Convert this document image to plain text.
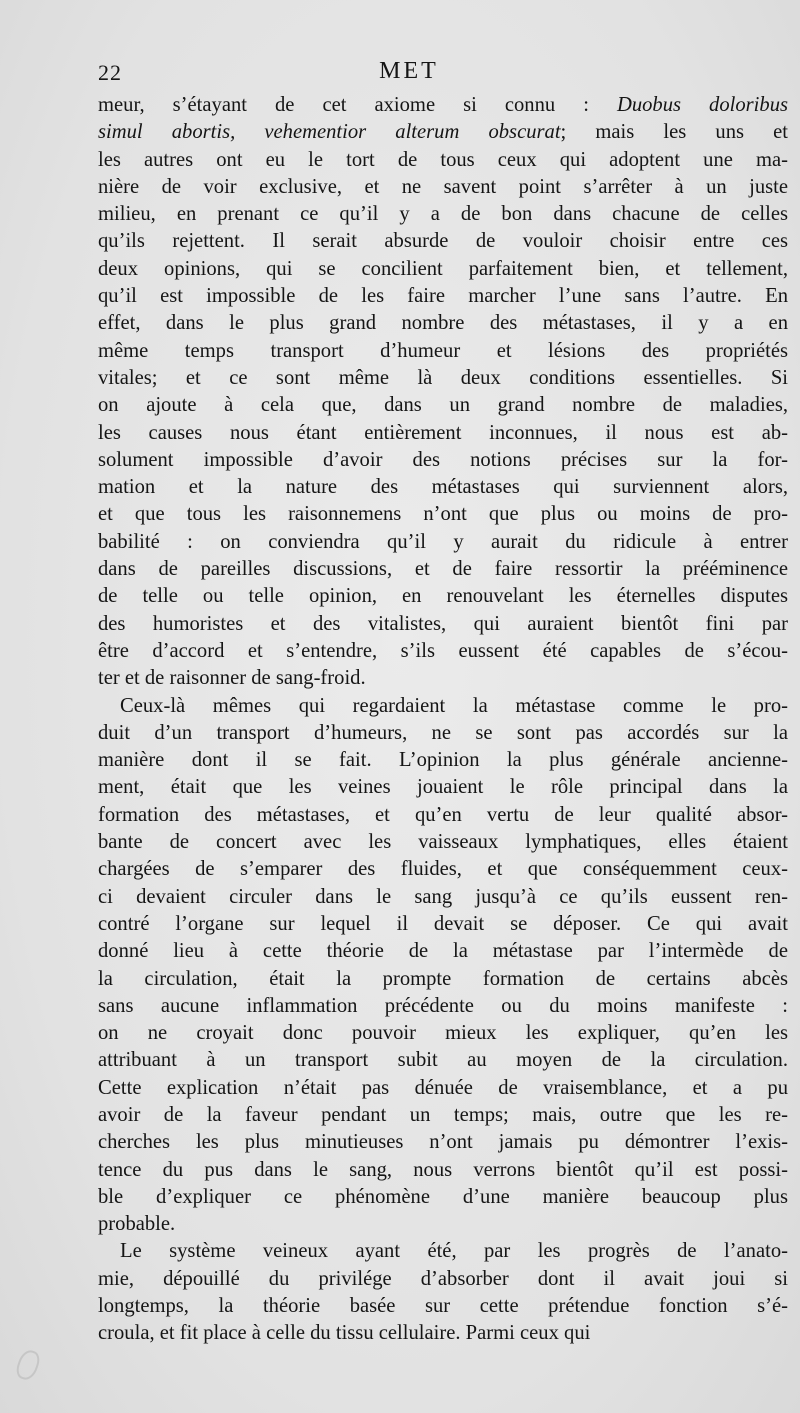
22	MET
meur, s’étayant de cet axiome si connu : Duobus doloribus
simul abortis, vehementior alterum obscurat; mais les uns et
les autres ont eu le tort de tous ceux qui adoptent une ma-
nière de voir exclusive, et ne savent point s’arrêter à un juste
milieu, en prenant ce qu’il y a de bon dans chacune de celles
qu’ils rejettent. Il serait absurde de vouloir choisir entre ces
deux opinions, qui se concilient parfaitement bien, et tellement,
qu’il est impossible de les faire marcher l’une sans l’autre. En
effet, dans le plus grand nombre des métastases, il y a en
même temps transport d’humeur et lésions des propriétés
vitales; et ce sont même là deux conditions essentielles. Si
on ajoute à cela que, dans un grand nombre de maladies,
les causes nous étant entièrement inconnues, il nous est ab-
solument impossible d’avoir des notions précises sur la for-
mation et la nature des métastases qui surviennent alors,
et que tous les raisonnemens n’ont que plus ou moins de pro-
babilité : on conviendra qu’il y aurait du ridicule à entrer
dans de pareilles discussions, et de faire ressortir la prééminence
de telle ou telle opinion, en renouvelant les éternelles disputes
des humoristes et des vitalistes, qui auraient bientôt fini par
être d’accord et s’entendre, s’ils eussent été capables de s’écou-
ter et de raisonner de sang-froid.
Ceux-là mêmes qui regardaient la métastase comme le pro-
duit d’un transport d’humeurs, ne se sont pas accordés sur la
manière dont il se fait. L’opinion la plus générale anciennе-
ment, était que les veines jouaient le rôle principal dans la
formation des métastases, et qu’en vertu de leur qualité absor-
bante de concert avec les vaisseaux lymphatiques, elles étaient
chargées de s’emparer des fluides, et que conséquemment ceux-
ci devaient circuler dans le sang jusqu’à ce qu’ils eussent ren-
contré l’organe sur lequel il devait se déposer. Ce qui avait
donné lieu à cette théorie de la métastase par l’intermède de
la circulation, était la prompte formation de certains abcès
sans aucune inflammation précédente ou du moins manifeste :
on ne croyait donc pouvoir mieux les expliquer, qu’en les
attribuant à un transport subit au moyen de la circulation.
Cette explication n’était pas dénuée de vraisemblance, et a pu
avoir de la faveur pendant un temps; mais, outre que les re-
cherches les plus minutieuses n’ont jamais pu démontrer l’exis-
tence du pus dans le sang, nous verrons bientôt qu’il est possi-
ble d’expliquer ce phénomène d’une manière beaucoup plus
probable.
Le système veineux ayant été, par les progrès de l’anato-
mie, dépouillé du privilége d’absorber dont il avait joui si
longtemps, la théorie basée sur cette prétendue fonction s’é-
croula, et fit place à celle du tissu cellulaire. Parmi ceux qui
